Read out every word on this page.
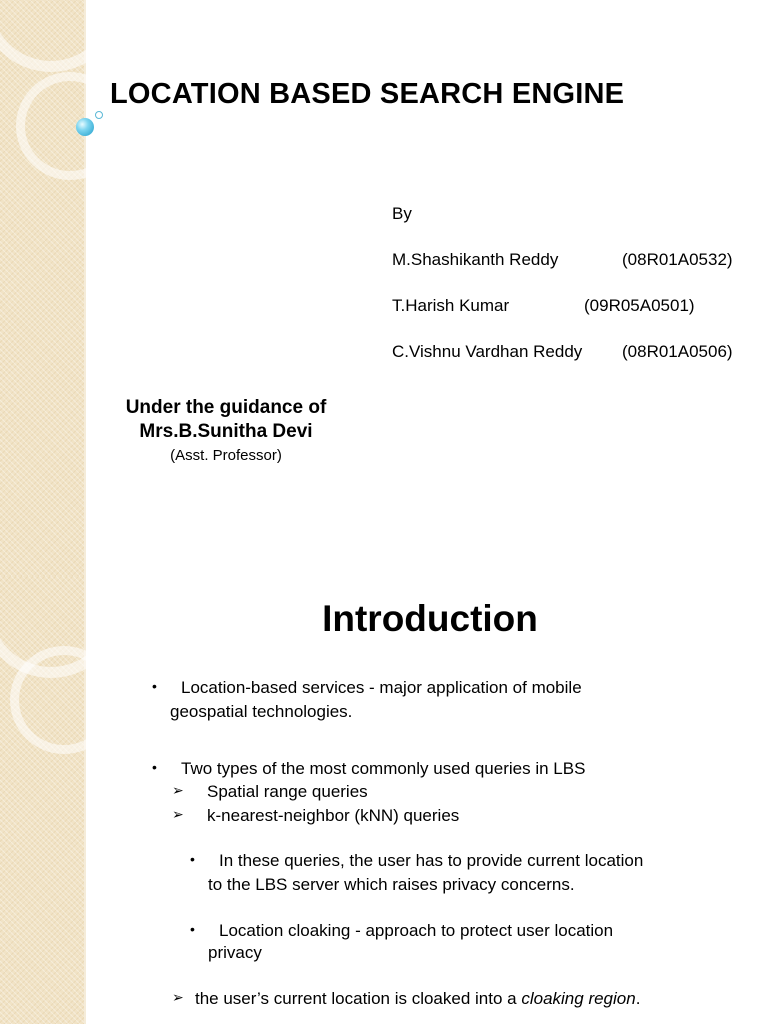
LOCATION BASED SEARCH ENGINE
By
M.Shashikanth Reddy	(08R01A0532)
T.Harish Kumar	(09R05A0501)
C.Vishnu Vardhan Reddy (08R01A0506)
Under the guidance of
Mrs.B.Sunitha Devi
(Asst. Professor)
Introduction
• Location-based services - major application of mobile
geospatial technologies.
• Two types of the most commonly used queries in LBS
➢ Spatial range queries
➢ k-nearest-neighbor (kNN) queries
• In these queries, the user has to provide current location
to the LBS server which raises privacy concerns.
• Location cloaking - approach to protect user location
privacy
➢ the user’s current location is cloaked into a cloaking region.
